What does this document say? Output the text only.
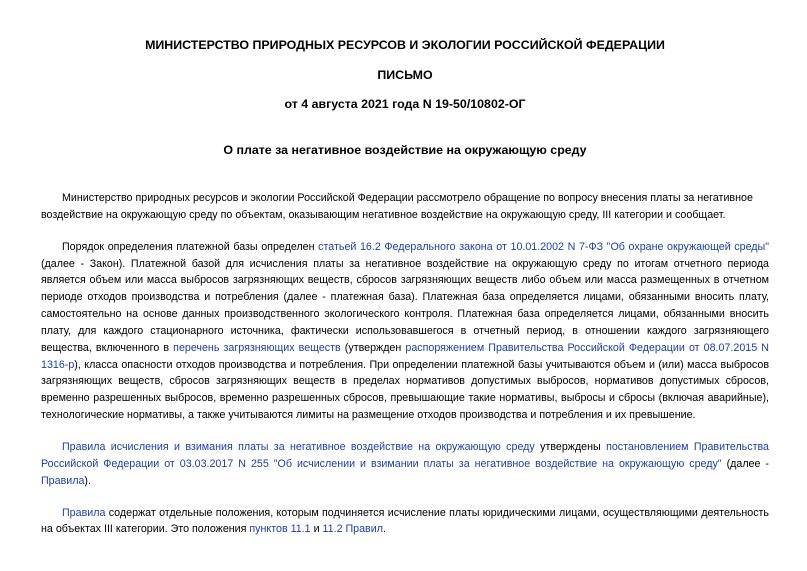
МИНИСТЕРСТВО ПРИРОДНЫХ РЕСУРСОВ И ЭКОЛОГИИ РОССИЙСКОЙ ФЕДЕРАЦИИ

ПИСЬМО

от 4 августа 2021 года N 19-50/10802-ОГ

О плате за негативное воздействие на окружающую среду

Министерство природных ресурсов и экологии Российской Федерации рассмотрело обращение по вопросу внесения платы за негативное воздействие на окружающую среду по объектам, оказывающим негативное воздействие на окружающую среду, III категории и сообщает.

Порядок определения платежной базы определен статьей 16.2 Федерального закона от 10.01.2002 N 7-ФЗ "Об охране окружающей среды" (далее - Закон). Платежной базой для исчисления платы за негативное воздействие на окружающую среду по итогам отчетного периода является объем или масса выбросов загрязняющих веществ, сбросов загрязняющих веществ либо объем или масса размещенных в отчетном периоде отходов производства и потребления (далее - платежная база). Платежная база определяется лицами, обязанными вносить плату, самостоятельно на основе данных производственного экологического контроля. Платежная база определяется лицами, обязанными вносить плату, для каждого стационарного источника, фактически использовавшегося в отчетный период, в отношении каждого загрязняющего вещества, включенного в перечень загрязняющих веществ (утвержден распоряжением Правительства Российской Федерации от 08.07.2015 N 1316-р), класса опасности отходов производства и потребления. При определении платежной базы учитываются объем и (или) масса выбросов загрязняющих веществ, сбросов загрязняющих веществ в пределах нормативов допустимых выбросов, нормативов допустимых сбросов, временно разрешенных выбросов, временно разрешенных сбросов, превышающие такие нормативы, выбросы и сбросы (включая аварийные), технологические нормативы, а также учитываются лимиты на размещение отходов производства и потребления и их превышение.

Правила исчисления и взимания платы за негативное воздействие на окружающую среду утверждены постановлением Правительства Российской Федерации от 03.03.2017 N 255 "Об исчислении и взимании платы за негативное воздействие на окружающую среду" (далее - Правила).

Правила содержат отдельные положения, которым подчиняется исчисление платы юридическими лицами, осуществляющими деятельность на объектах III категории. Это положения пунктов 11.1 и 11.2 Правил.
